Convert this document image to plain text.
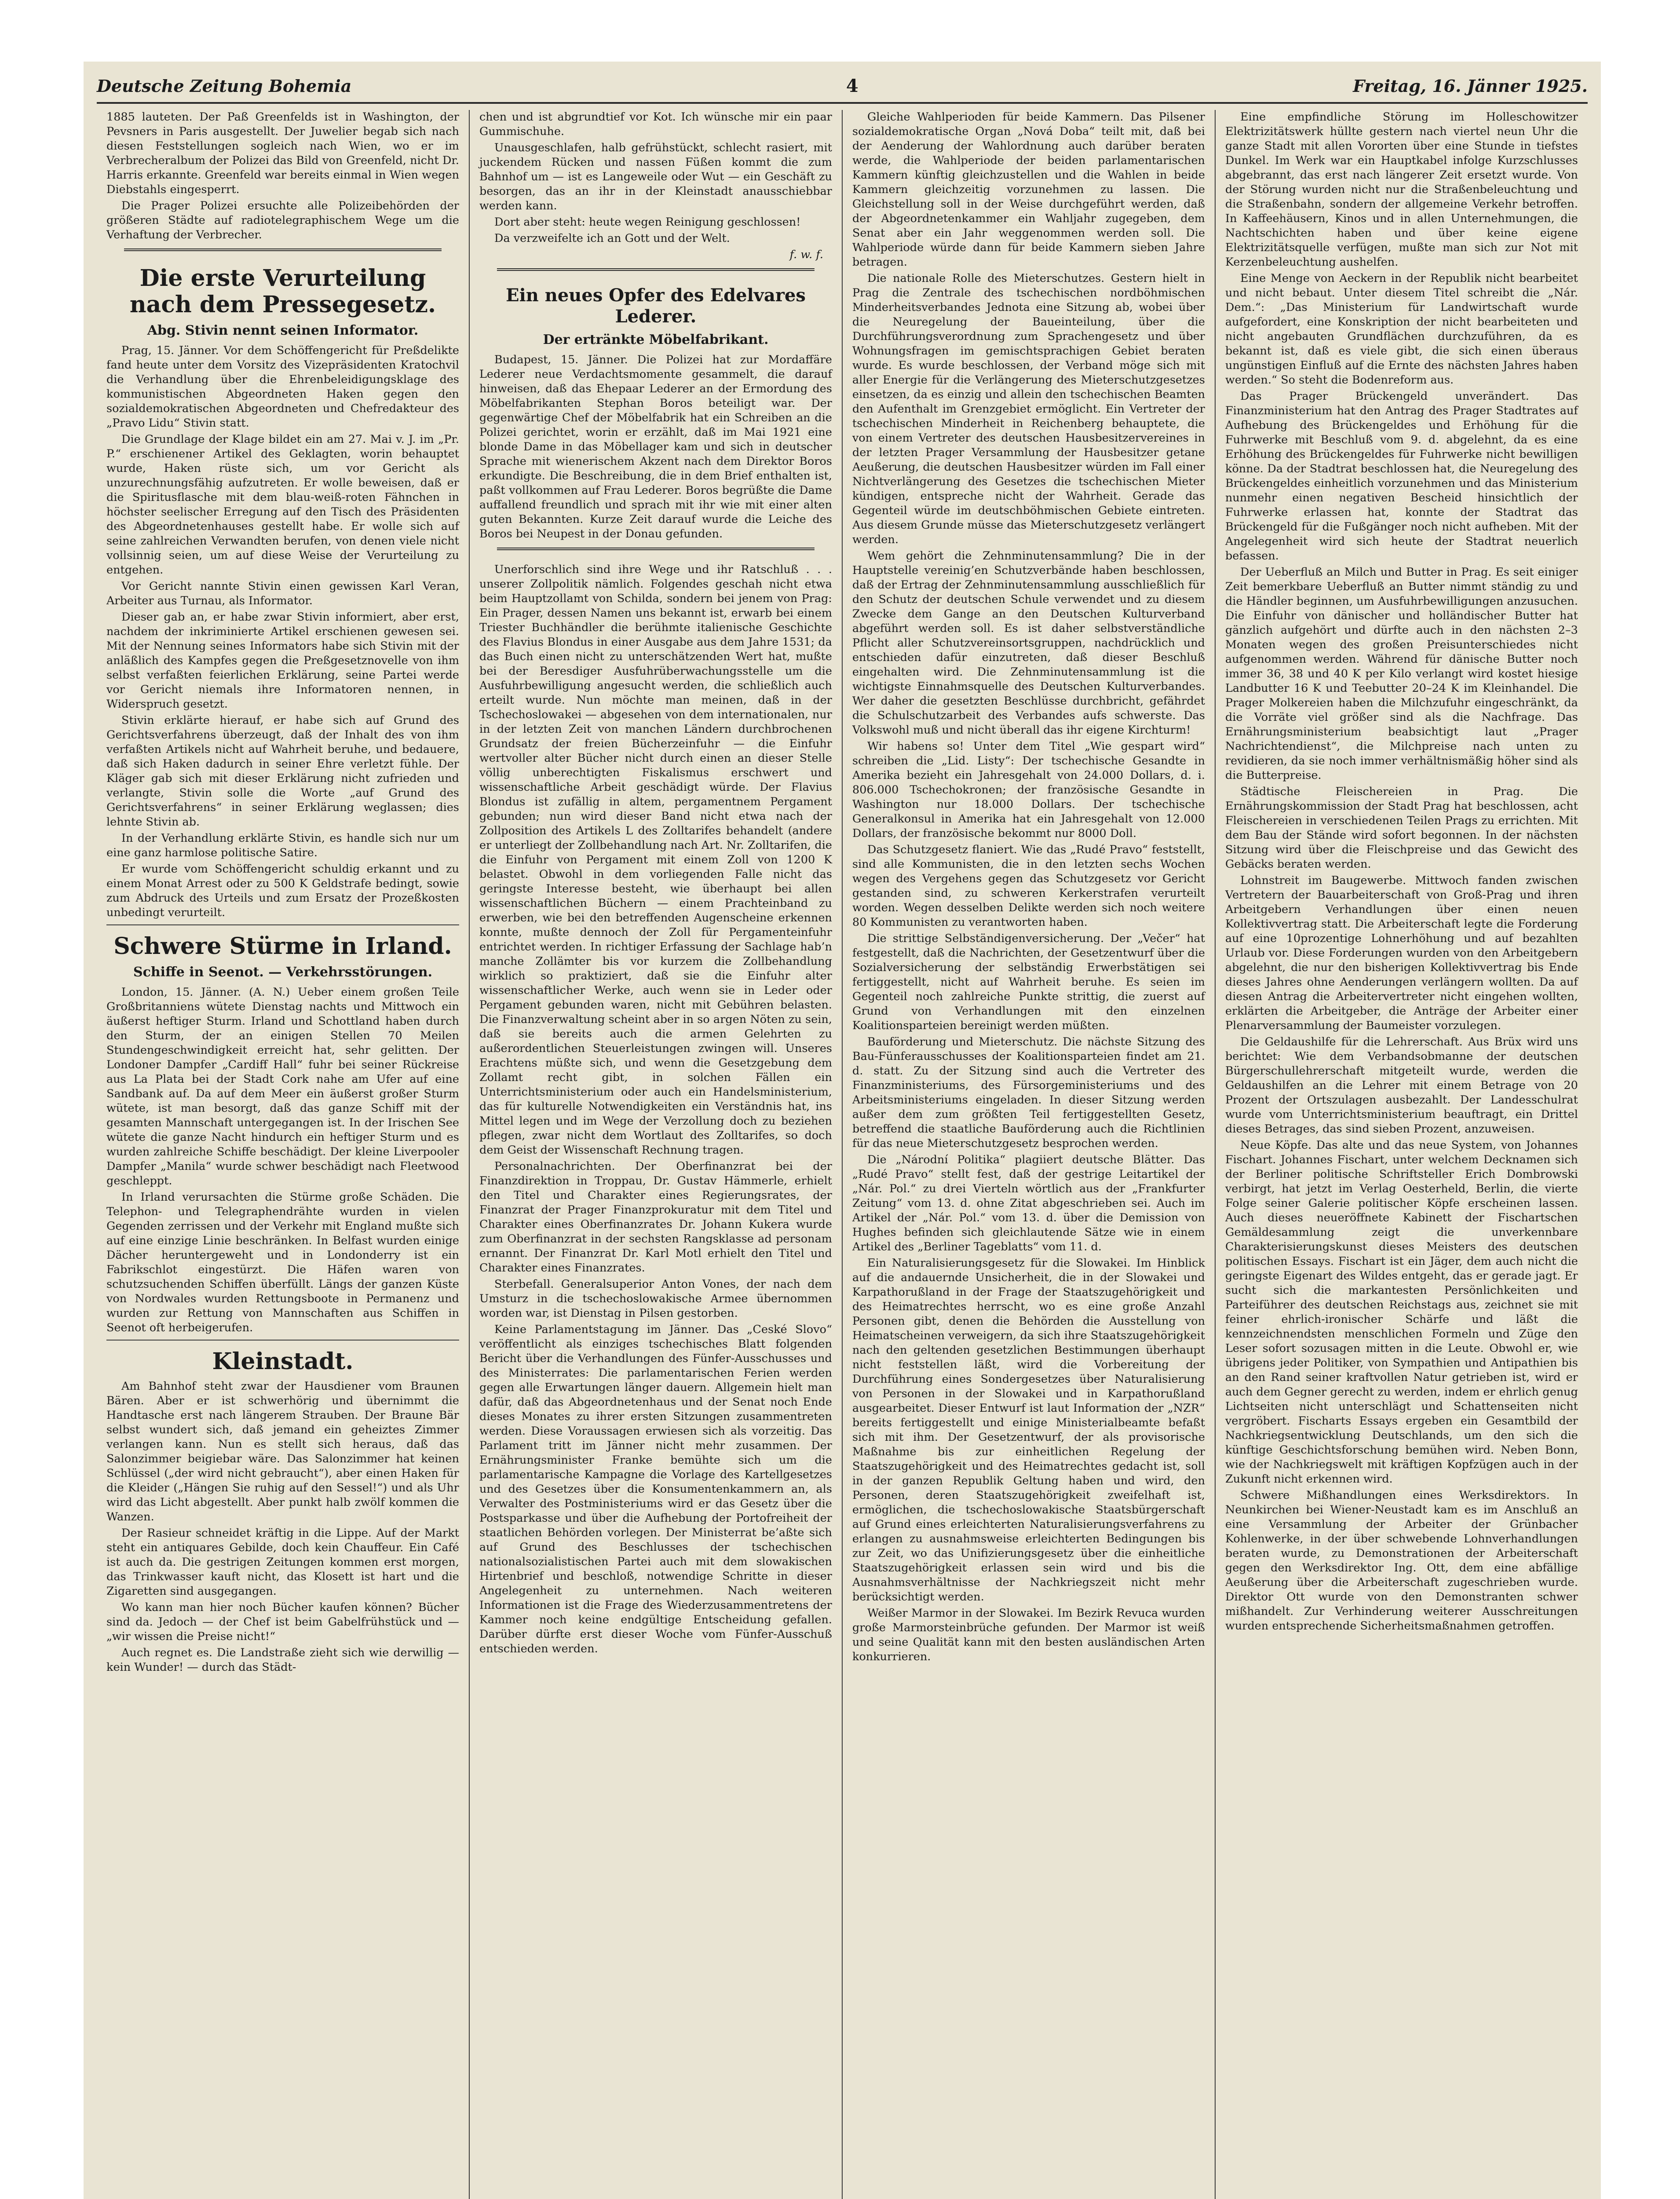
Deutsche Zeitung Bohemia	4	Freitag, 16. Jänner 1925.

1885 lauteten. Der Paß Greenfelds ist in Washington, der Pevsners in Paris ausgestellt. Der Juwelier begab sich nach diesen Feststellungen sogleich nach Wien, wo er im Verbrecheralbum der Polizei das Bild von Greenfeld, nicht Dr. Harris erkannte. Greenfeld war bereits einmal in Wien wegen Diebstahls eingesperrt.

Die Prager Polizei ersuchte alle Polizeibehörden der größeren Städte auf radiotelegraphischem Wege um die Verhaftung der Verbrecher.

Die erste Verurteilung nach dem Pressegesetz.
Abg. Stivin nennt seinen Informator.

Prag, 15. Jänner. Vor dem Schöffengericht für Preßdelikte fand heute unter dem Vorsitz des Vizepräsidenten Kratochvil die Verhandlung über die Ehrenbeleidigungsklage des kommunistischen Abgeordneten Haken gegen den sozialdemokratischen Abgeordneten und Chefredakteur des „Pravo Lidu“ Stivin statt.

Die Grundlage der Klage bildet ein am 27. Mai v. J. im „Pr. P.“ erschienener Artikel des Geklagten, worin behauptet wurde, Haken rüste sich, um vor Gericht als unzurechnungsfähig aufzutreten. Er wolle beweisen, daß er die Spiritusflasche mit dem blau-weiß-roten Fähnchen in höchster seelischer Erregung auf den Tisch des Präsidenten des Abgeordnetenhauses gestellt habe. Er wolle sich auf seine zahlreichen Verwandten berufen, von denen viele nicht vollsinnig seien, um auf diese Weise der Verurteilung zu entgehen.

Vor Gericht nannte Stivin einen gewissen Karl Veran, Arbeiter aus Turnau, als Informator.

Dieser gab an, er habe zwar Stivin informiert, aber erst, nachdem der inkriminierte Artikel erschienen gewesen sei. Mit der Nennung seines Informators habe sich Stivin mit der anläßlich des Kampfes gegen die Preßgesetznovelle von ihm selbst verfaßten feierlichen Erklärung, seine Partei werde vor Gericht niemals ihre Informatoren nennen, in Widerspruch gesetzt.

Stivin erklärte hierauf, er habe sich auf Grund des Gerichtsverfahrens überzeugt, daß der Inhalt des von ihm verfaßten Artikels nicht auf Wahrheit beruhe, und bedauere, daß sich Haken dadurch in seiner Ehre verletzt fühle. Der Kläger gab sich mit dieser Erklärung nicht zufrieden und verlangte, Stivin solle die Worte „auf Grund des Gerichtsverfahrens“ in seiner Erklärung weglassen; dies lehnte Stivin ab.

In der Verhandlung erklärte Stivin, es handle sich nur um eine ganz harmlose politische Satire.

Er wurde vom Schöffengericht schuldig erkannt und zu einem Monat Arrest oder zu 500 K Geldstrafe bedingt, sowie zum Abdruck des Urteils und zum Ersatz der Prozeßkosten unbedingt verurteilt.

Schwere Stürme in Irland.
Schiffe in Seenot. — Verkehrsstörungen.

London, 15. Jänner. (A. N.) Ueber einem großen Teile Großbritanniens wütete Dienstag nachts und Mittwoch ein äußerst heftiger Sturm. Irland und Schottland haben durch den Sturm, der an einigen Stellen 70 Meilen Stundengeschwindigkeit erreicht hat, sehr gelitten. Der Londoner Dampfer „Cardiff Hall“ fuhr bei seiner Rückreise aus La Plata bei der Stadt Cork nahe am Ufer auf eine Sandbank auf. Da auf dem Meer ein äußerst großer Sturm wütete, ist man besorgt, daß das ganze Schiff mit der gesamten Mannschaft untergegangen ist. In der Irischen See wütete die ganze Nacht hindurch ein heftiger Sturm und es wurden zahlreiche Schiffe beschädigt. Der kleine Liverpooler Dampfer „Manila“ wurde schwer beschädigt nach Fleetwood geschleppt.

In Irland verursachten die Stürme große Schäden. Die Telephon- und Telegraphendrähte wurden in vielen Gegenden zerrissen und der Verkehr mit England mußte sich auf eine einzige Linie beschränken. In Belfast wurden einige Dächer heruntergeweht und in Londonderry ist ein Fabrikschlot eingestürzt. Die Häfen waren von schutzsuchenden Schiffen überfüllt. Längs der ganzen Küste von Nordwales wurden Rettungsboote in Permanenz und wurden zur Rettung von Mannschaften aus Schiffen in Seenot oft herbeigerufen.

Kleinstadt.

Am Bahnhof steht zwar der Hausdiener vom Braunen Bären. Aber er ist schwerhörig und übernimmt die Handtasche erst nach längerem Strauben. Der Braune Bär selbst wundert sich, daß jemand ein geheiztes Zimmer verlangen kann. Nun es stellt sich heraus, daß das Salonzimmer beigiebar wäre. Das Salonzimmer hat keinen Schlüssel („der wird nicht gebraucht“), aber einen Haken für die Kleider („Hängen Sie ruhig auf den Sessel!“) und als Uhr wird das Licht abgestellt. Aber punkt halb zwölf kommen die Wanzen.

Der Rasieur schneidet kräftig in die Lippe. Auf der Markt steht ein antiquares Gebilde, doch kein Chauffeur. Ein Café ist auch da. Die gestrigen Zeitungen kommen erst morgen, das Trinkwasser kauft nicht, das Klosett ist hart und die Zigaretten sind ausgegangen.

Wo kann man hier noch Bücher kaufen können? Bücher sind da. Jedoch — der Chef ist beim Gabelfrühstück und — „wir wissen die Preise nicht!“

Auch regnet es. Die Landstraße zieht sich wie derwillig — kein Wunder! — durch das Städt-

chen und ist abgrundtief vor Kot. Ich wünsche mir ein paar Gummischuhe.

Unausgeschlafen, halb gefrühstückt, schlecht rasiert, mit juckendem Rücken und nassen Füßen kommt die zum Bahnhof um — ist es Langeweile oder Wut — ein Geschäft zu besorgen, das an ihr in der Kleinstadt anausschiebbar werden kann.

Dort aber steht: heute wegen Reinigung geschlossen!

Da verzweifelte ich an Gott und der Welt.

f. w. f.
Ein neues Opfer des Edelvares Lederer.
Der ertränkte Möbelfabrikant.

Budapest, 15. Jänner. Die Polizei hat zur Mordaffäre Lederer neue Verdachtsmomente gesammelt, die darauf hinweisen, daß das Ehepaar Lederer an der Ermordung des Möbelfabrikanten Stephan Boros beteiligt war. Der gegenwärtige Chef der Möbelfabrik hat ein Schreiben an die Polizei gerichtet, worin er erzählt, daß im Mai 1921 eine blonde Dame in das Möbellager kam und sich in deutscher Sprache mit wienerischem Akzent nach dem Direktor Boros erkundigte. Die Beschreibung, die in dem Brief enthalten ist, paßt vollkommen auf Frau Lederer. Boros begrüßte die Dame auffallend freundlich und sprach mit ihr wie mit einer alten guten Bekannten. Kurze Zeit darauf wurde die Leiche des Boros bei Neupest in der Donau gefunden.

Unerforschlich sind ihre Wege und ihr Ratschluß . . . unserer Zollpolitik nämlich. Folgendes geschah nicht etwa beim Hauptzollamt von Schilda, sondern bei jenem von Prag: Ein Prager, dessen Namen uns bekannt ist, erwarb bei einem Triester Buchhändler die berühmte italienische Geschichte des Flavius Blondus in einer Ausgabe aus dem Jahre 1531; da das Buch einen nicht zu unterschätzenden Wert hat, mußte bei der Beresdiger Ausfuhrüberwachungsstelle um die Ausfuhrbewilligung angesucht werden, die schließlich auch erteilt wurde. Nun möchte man meinen, daß in der Tschechoslowakei — abgesehen von dem internationalen, nur in der letzten Zeit von manchen Ländern durchbrochenen Grundsatz der freien Bücherzeinfuhr — die Einfuhr wertvoller alter Bücher nicht durch einen an dieser Stelle völlig unberechtigten Fiskalismus erschwert und wissenschaftliche Arbeit geschädigt würde. Der Flavius Blondus ist zufällig in altem, pergamentnem Pergament gebunden; nun wird dieser Band nicht etwa nach der Zollposition des Artikels L des Zolltarifes behandelt (andere er unterliegt der Zollbehandlung nach Art. Nr. Zolltarifen, die die Einfuhr von Pergament mit einem Zoll von 1200 K belastet. Obwohl in dem vorliegenden Falle nicht das geringste Interesse besteht, wie überhaupt bei allen wissenschaftlichen Büchern — einem Prachteinband zu erwerben, wie bei den betreffenden Augenscheine erkennen konnte, mußte dennoch der Zoll für Pergamenteinfuhr entrichtet werden. In richtiger Erfassung der Sachlage hab’n manche Zollämter bis vor kurzem die Zollbehandlung wirklich so praktiziert, daß sie die Einfuhr alter wissenschaftlicher Werke, auch wenn sie in Leder oder Pergament gebunden waren, nicht mit Gebühren belasten. Die Finanzverwaltung scheint aber in so argen Nöten zu sein, daß sie bereits auch die armen Gelehrten zu außerordentlichen Steuerleistungen zwingen will. Unseres Erachtens müßte sich, und wenn die Gesetzgebung dem Zollamt recht gibt, in solchen Fällen ein Unterrichtsministerium oder auch ein Handelsministerium, das für kulturelle Notwendigkeiten ein Verständnis hat, ins Mittel legen und im Wege der Verzollung doch zu beziehen pflegen, zwar nicht dem Wortlaut des Zolltarifes, so doch dem Geist der Wissenschaft Rechnung tragen.

Personalnachrichten. Der Oberfinanzrat bei der Finanzdirektion in Troppau, Dr. Gustav Hämmerle, erhielt den Titel und Charakter eines Regierungsrates, der Finanzrat der Prager Finanzprokuratur mit dem Titel und Charakter eines Oberfinanzrates Dr. Johann Kukera wurde zum Oberfinanzrat in der sechsten Rangsklasse ad personam ernannt. Der Finanzrat Dr. Karl Motl erhielt den Titel und Charakter eines Finanzrates.

Sterbefall. Generalsuperior Anton Vones, der nach dem Umsturz in die tschechoslowakische Armee übernommen worden war, ist Dienstag in Pilsen gestorben.

Keine Parlamentstagung im Jänner. Das „Ceské Slovo“ veröffentlicht als einziges tschechisches Blatt folgenden Bericht über die Verhandlungen des Fünfer-Ausschusses und des Ministerrates: Die parlamentarischen Ferien werden gegen alle Erwartungen länger dauern. Allgemein hielt man dafür, daß das Abgeordnetenhaus und der Senat noch Ende dieses Monates zu ihrer ersten Sitzungen zusammentreten werden. Diese Voraussagen erwiesen sich als vorzeitig. Das Parlament tritt im Jänner nicht mehr zusammen. Der Ernährungsminister Franke bemühte sich um die parlamentarische Kampagne die Vorlage des Kartellgesetzes und des Gesetzes über die Konsumentenkammern an, als Verwalter des Postministeriums wird er das Gesetz über die Postsparkasse und über die Aufhebung der Portofreiheit der staatlichen Behörden vorlegen. Der Ministerrat be’aßte sich auf Grund des Beschlusses der tschechischen nationalsozialistischen Partei auch mit dem slowakischen Hirtenbrief und beschloß, notwendige Schritte in dieser Angelegenheit zu unternehmen. Nach weiteren Informationen ist die Frage des Wiederzusammentretens der Kammer noch keine endgültige Entscheidung gefallen. Darüber dürfte erst dieser Woche vom Fünfer-Ausschuß entschieden werden.

Gleiche Wahlperioden für beide Kammern. Das Pilsener sozialdemokratische Organ „Nová Doba“ teilt mit, daß bei der Aenderung der Wahlordnung auch darüber beraten werde, die Wahlperiode der beiden parlamentarischen Kammern künftig gleichzustellen und die Wahlen in beide Kammern gleichzeitig vorzunehmen zu lassen. Die Gleichstellung soll in der Weise durchgeführt werden, daß der Abgeordnetenkammer ein Wahljahr zugegeben, dem Senat aber ein Jahr weggenommen werden soll. Die Wahlperiode würde dann für beide Kammern sieben Jahre betragen.

Die nationale Rolle des Mieterschutzes. Gestern hielt in Prag die Zentrale des tschechischen nordböhmischen Minderheitsverbandes Jednota eine Sitzung ab, wobei über die Neuregelung der Baueinteilung, über die Durchführungsverordnung zum Sprachengesetz und über Wohnungsfragen im gemischtsprachigen Gebiet beraten wurde. Es wurde beschlossen, der Verband möge sich mit aller Energie für die Verlängerung des Mieterschutzgesetzes einsetzen, da es einzig und allein den tschechischen Beamten den Aufenthalt im Grenzgebiet ermöglicht. Ein Vertreter der tschechischen Minderheit in Reichenberg behauptete, die von einem Vertreter des deutschen Hausbesitzervereines in der letzten Prager Versammlung der Hausbesitzer getane Aeußerung, die deutschen Hausbesitzer würden im Fall einer Nichtverlängerung des Gesetzes die tschechischen Mieter kündigen, entspreche nicht der Wahrheit. Gerade das Gegenteil würde im deutschböhmischen Gebiete eintreten. Aus diesem Grunde müsse das Mieterschutzgesetz verlängert werden.

Wem gehört die Zehnminutensammlung? Die in der Hauptstelle vereinig’en Schutzverbände haben beschlossen, daß der Ertrag der Zehnminutensammlung ausschließlich für den Schutz der deutschen Schule verwendet und zu diesem Zwecke dem Gange an den Deutschen Kulturverband abgeführt werden soll. Es ist daher selbstverständliche Pflicht aller Schutzvereinsortsgruppen, nachdrücklich und entschieden dafür einzutreten, daß dieser Beschluß eingehalten wird. Die Zehnminutensammlung ist die wichtigste Einnahmsquelle des Deutschen Kulturverbandes. Wer daher die gesetzten Beschlüsse durchbricht, gefährdet die Schulschutzarbeit des Verbandes aufs schwerste. Das Volkswohl muß und nicht überall das ihr eigene Kirchturm!

Wir habens so! Unter dem Titel „Wie gespart wird“ schreiben die „Lid. Listy“: Der tschechische Gesandte in Amerika bezieht ein Jahresgehalt von 24.000 Dollars, d. i. 806.000 Tschechokronen; der französische Gesandte in Washington nur 18.000 Dollars. Der tschechische Generalkonsul in Amerika hat ein Jahresgehalt von 12.000 Dollars, der französische bekommt nur 8000 Doll.

Das Schutzgesetz flaniert. Wie das „Rudé Pravo“ feststellt, sind alle Kommunisten, die in den letzten sechs Wochen wegen des Vergehens gegen das Schutzgesetz vor Gericht gestanden sind, zu schweren Kerkerstrafen verurteilt worden. Wegen desselben Delikte werden sich noch weitere 80 Kommunisten zu verantworten haben.

Die strittige Selbständigenversicherung. Der „Večer“ hat festgestellt, daß die Nachrichten, der Gesetzentwurf über die Sozialversicherung der selbständig Erwerbstätigen sei fertiggestellt, nicht auf Wahrheit beruhe. Es seien im Gegenteil noch zahlreiche Punkte strittig, die zuerst auf Grund von Verhandlungen mit den einzelnen Koalitionsparteien bereinigt werden müßten.

Bauförderung und Mieterschutz. Die nächste Sitzung des Bau-Fünferausschusses der Koalitionsparteien findet am 21. d. statt. Zu der Sitzung sind auch die Vertreter des Finanzministeriums, des Fürsorgeministeriums und des Arbeitsministeriums eingeladen. In dieser Sitzung werden außer dem zum größten Teil fertiggestellten Gesetz, betreffend die staatliche Bauförderung auch die Richtlinien für das neue Mieterschutzgesetz besprochen werden.

Die „Národní Politika“ plagiiert deutsche Blätter. Das „Rudé Pravo“ stellt fest, daß der gestrige Leitartikel der „Nár. Pol.“ zu drei Vierteln wörtlich aus der „Frankfurter Zeitung“ vom 13. d. ohne Zitat abgeschrieben sei. Auch im Artikel der „Nár. Pol.“ vom 13. d. über die Demission von Hughes befinden sich gleichlautende Sätze wie in einem Artikel des „Berliner Tageblatts“ vom 11. d.

Ein Naturalisierungsgesetz für die Slowakei. Im Hinblick auf die andauernde Unsicherheit, die in der Slowakei und Karpathorußland in der Frage der Staatszugehörigkeit und des Heimatrechtes herrscht, wo es eine große Anzahl Personen gibt, denen die Behörden die Ausstellung von Heimatscheinen verweigern, da sich ihre Staatszugehörigkeit nach den geltenden gesetzlichen Bestimmungen überhaupt nicht feststellen läßt, wird die Vorbereitung der Durchführung eines Sondergesetzes über Naturalisierung von Personen in der Slowakei und in Karpathorußland ausgearbeitet. Dieser Entwurf ist laut Information der „NZR“ bereits fertiggestellt und einige Ministerialbeamte befaßt sich mit ihm. Der Gesetzentwurf, der als provisorische Maßnahme bis zur einheitlichen Regelung der Staatszugehörigkeit und des Heimatrechtes gedacht ist, soll in der ganzen Republik Geltung haben und wird, den Personen, deren Staatszugehörigkeit zweifelhaft ist, ermöglichen, die tschechoslowakische Staatsbürgerschaft auf Grund eines erleichterten Naturalisierungsverfahrens zu erlangen zu ausnahmsweise erleichterten Bedingungen bis zur Zeit, wo das Unifizierungsgesetz über die einheitliche Staatszugehörigkeit erlassen sein wird und bis die Ausnahmsverhältnisse der Nachkriegszeit nicht mehr berücksichtigt werden.

Weißer Marmor in der Slowakei. Im Bezirk Revuca wurden große Marmorsteinbrüche gefunden. Der Marmor ist weiß und seine Qualität kann mit den besten ausländischen Arten konkurrieren.

Eine empfindliche Störung im Holleschowitzer Elektrizitätswerk hüllte gestern nach viertel neun Uhr die ganze Stadt mit allen Vororten über eine Stunde in tiefstes Dunkel. Im Werk war ein Hauptkabel infolge Kurzschlusses abgebrannt, das erst nach längerer Zeit ersetzt wurde. Von der Störung wurden nicht nur die Straßenbeleuchtung und die Straßenbahn, sondern der allgemeine Verkehr betroffen. In Kaffeehäusern, Kinos und in allen Unternehmungen, die Nachtschichten haben und über keine eigene Elektrizitätsquelle verfügen, mußte man sich zur Not mit Kerzenbeleuchtung aushelfen.

Eine Menge von Aeckern in der Republik nicht bearbeitet und nicht bebaut. Unter diesem Titel schreibt die „Nár. Dem.“: „Das Ministerium für Landwirtschaft wurde aufgefordert, eine Konskription der nicht bearbeiteten und nicht angebauten Grundflächen durchzuführen, da es bekannt ist, daß es viele gibt, die sich einen überaus ungünstigen Einfluß auf die Ernte des nächsten Jahres haben werden.“ So steht die Bodenreform aus.

Das Prager Brückengeld unverändert. Das Finanzministerium hat den Antrag des Prager Stadtrates auf Aufhebung des Brückengeldes und Erhöhung für die Fuhrwerke mit Beschluß vom 9. d. abgelehnt, da es eine Erhöhung des Brückengeldes für Fuhrwerke nicht bewilligen könne. Da der Stadtrat beschlossen hat, die Neuregelung des Brückengeldes einheitlich vorzunehmen und das Ministerium nunmehr einen negativen Bescheid hinsichtlich der Fuhrwerke erlassen hat, konnte der Stadtrat das Brückengeld für die Fußgänger noch nicht aufheben. Mit der Angelegenheit wird sich heute der Stadtrat neuerlich befassen.

Der Ueberfluß an Milch und Butter in Prag. Es seit einiger Zeit bemerkbare Ueberfluß an Butter nimmt ständig zu und die Händler beginnen, um Ausfuhrbewilligungen anzusuchen. Die Einfuhr von dänischer und holländischer Butter hat gänzlich aufgehört und dürfte auch in den nächsten 2–3 Monaten wegen des großen Preisunterschiedes nicht aufgenommen werden. Während für dänische Butter noch immer 36, 38 und 40 K per Kilo verlangt wird kostet hiesige Landbutter 16 K und Teebutter 20–24 K im Kleinhandel. Die Prager Molkereien haben die Milchzufuhr eingeschränkt, da die Vorräte viel größer sind als die Nachfrage. Das Ernährungsministerium beabsichtigt laut „Prager Nachrichtendienst“, die Milchpreise nach unten zu revidieren, da sie noch immer verhältnismäßig höher sind als die Butterpreise.

Städtische Fleischereien in Prag. Die Ernährungskommission der Stadt Prag hat beschlossen, acht Fleischereien in verschiedenen Teilen Prags zu errichten. Mit dem Bau der Stände wird sofort begonnen. In der nächsten Sitzung wird über die Fleischpreise und das Gewicht des Gebäcks beraten werden.

Lohnstreit im Baugewerbe. Mittwoch fanden zwischen Vertretern der Bauarbeiterschaft von Groß-Prag und ihren Arbeitgebern Verhandlungen über einen neuen Kollektivvertrag statt. Die Arbeiterschaft legte die Forderung auf eine 10prozentige Lohnerhöhung und auf bezahlten Urlaub vor. Diese Forderungen wurden von den Arbeitgebern abgelehnt, die nur den bisherigen Kollektivvertrag bis Ende dieses Jahres ohne Aenderungen verlängern wollten. Da auf diesen Antrag die Arbeitervertreter nicht eingehen wollten, erklärten die Arbeitgeber, die Anträge der Arbeiter einer Plenarversammlung der Baumeister vorzulegen.

Die Geldaushilfe für die Lehrerschaft. Aus Brüx wird uns berichtet: Wie dem Verbandsobmanne der deutschen Bürgerschullehrerschaft mitgeteilt wurde, werden die Geldaushilfen an die Lehrer mit einem Betrage von 20 Prozent der Ortszulagen ausbezahlt. Der Landesschulrat wurde vom Unterrichtsministerium beauftragt, ein Drittel dieses Betrages, das sind sieben Prozent, anzuweisen.

Neue Köpfe. Das alte und das neue System, von Johannes Fischart. Johannes Fischart, unter welchem Decknamen sich der Berliner politische Schriftsteller Erich Dombrowski verbirgt, hat jetzt im Verlag Oesterheld, Berlin, die vierte Folge seiner Galerie politischer Köpfe erscheinen lassen. Auch dieses neueröffnete Kabinett der Fischartschen Gemäldesammlung zeigt die unverkennbare Charakterisierungskunst dieses Meisters des deutschen politischen Essays. Fischart ist ein Jäger, dem auch nicht die geringste Eigenart des Wildes entgeht, das er gerade jagt. Er sucht sich die markantesten Persönlichkeiten und Parteiführer des deutschen Reichstags aus, zeichnet sie mit feiner ehrlich-ironischer Schärfe und läßt die kennzeichnendsten menschlichen Formeln und Züge den Leser sofort sozusagen mitten in die Leute. Obwohl er, wie übrigens jeder Politiker, von Sympathien und Antipathien bis an den Rand seiner kraftvollen Natur getrieben ist, wird er auch dem Gegner gerecht zu werden, indem er ehrlich genug Lichtseiten nicht unterschlägt und Schattenseiten nicht vergröbert. Fischarts Essays ergeben ein Gesamtbild der Nachkriegsentwicklung Deutschlands, um den sich die künftige Geschichtsforschung bemühen wird. Neben Bonn, wie der Nachkriegswelt mit kräftigen Kopfzügen auch in der Zukunft nicht erkennen wird.

Schwere Mißhandlungen eines Werksdirektors. In Neunkirchen bei Wiener-Neustadt kam es im Anschluß an eine Versammlung der Arbeiter der Grünbacher Kohlenwerke, in der über schwebende Lohnverhandlungen beraten wurde, zu Demonstrationen der Arbeiterschaft gegen den Werksdirektor Ing. Ott, dem eine abfällige Aeußerung über die Arbeiterschaft zugeschrieben wurde. Direktor Ott wurde von den Demonstranten schwer mißhandelt. Zur Verhinderung weiterer Ausschreitungen wurden entsprechende Sicherheitsmaßnahmen getroffen.
